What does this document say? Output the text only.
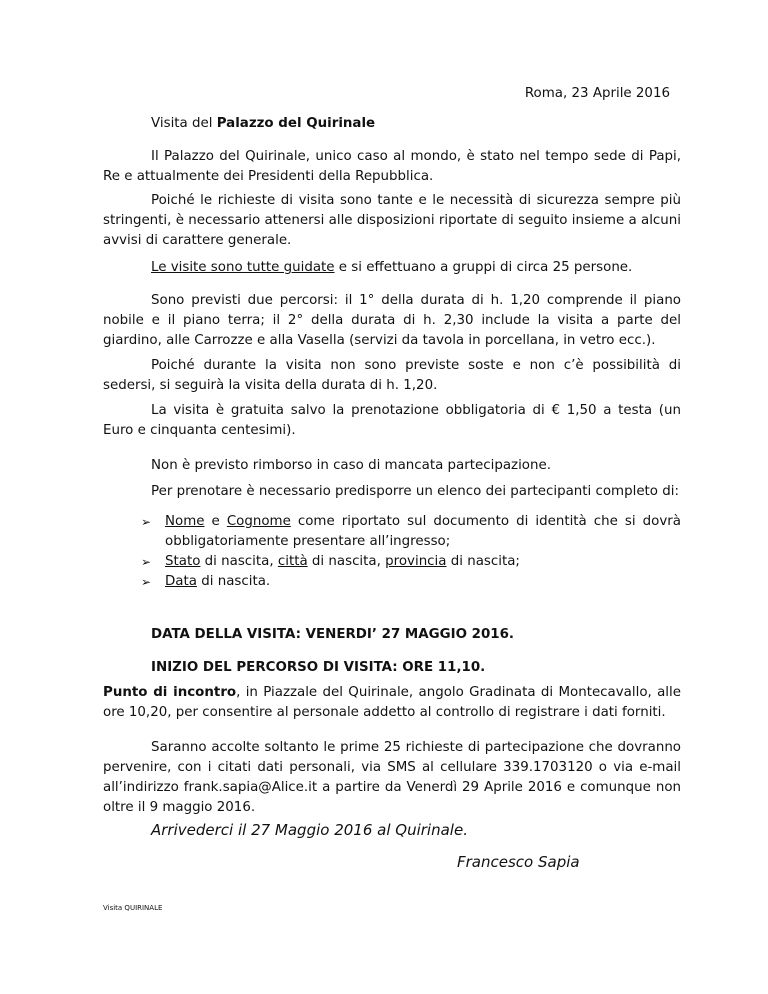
Roma, 23 Aprile 2016

Visita del Palazzo del Quirinale

Il Palazzo del Quirinale, unico caso al mondo, è stato nel tempo sede di Papi, Re e attualmente dei Presidenti della Repubblica.

Poiché le richieste di visita sono tante e le necessità di sicurezza sempre più stringenti, è necessario attenersi alle disposizioni riportate di seguito insieme a alcuni avvisi di carattere generale.

Le visite sono tutte guidate e si effettuano a gruppi di circa 25 persone.

Sono previsti due percorsi: il 1° della durata di h. 1,20 comprende il piano nobile e il piano terra; il 2° della durata di h. 2,30 include la visita a parte del giardino, alle Carrozze e alla Vasella (servizi da tavola in porcellana, in vetro ecc.).

Poiché durante la visita non sono previste soste e non c’è possibilità di sedersi, si seguirà la visita della durata di h. 1,20.

La visita è gratuita salvo la prenotazione obbligatoria di € 1,50 a testa (un Euro e cinquanta centesimi).

Non è previsto rimborso in caso di mancata partecipazione.

Per prenotare è necessario predisporre un elenco dei partecipanti completo di:

➢ Nome e Cognome come riportato sul documento di identità che si dovrà obbligatoriamente presentare all’ingresso;
➢ Stato di nascita, città di nascita, provincia di nascita;
➢ Data di nascita.

DATA DELLA VISITA: VENERDI’ 27 MAGGIO 2016.

INIZIO DEL PERCORSO DI VISITA: ORE 11,10.

Punto di incontro, in Piazzale del Quirinale, angolo Gradinata di Montecavallo, alle ore 10,20, per consentire al personale addetto al controllo di registrare i dati forniti.

Saranno accolte soltanto le prime 25 richieste di partecipazione che dovranno pervenire, con i citati dati personali, via SMS al cellulare 339.1703120 o via e-mail all’indirizzo frank.sapia@Alice.it a partire da Venerdì 29 Aprile 2016 e comunque non oltre il 9 maggio 2016.

Arrivederci il 27 Maggio 2016 al Quirinale.

Francesco Sapia

Visita QUIRINALE
